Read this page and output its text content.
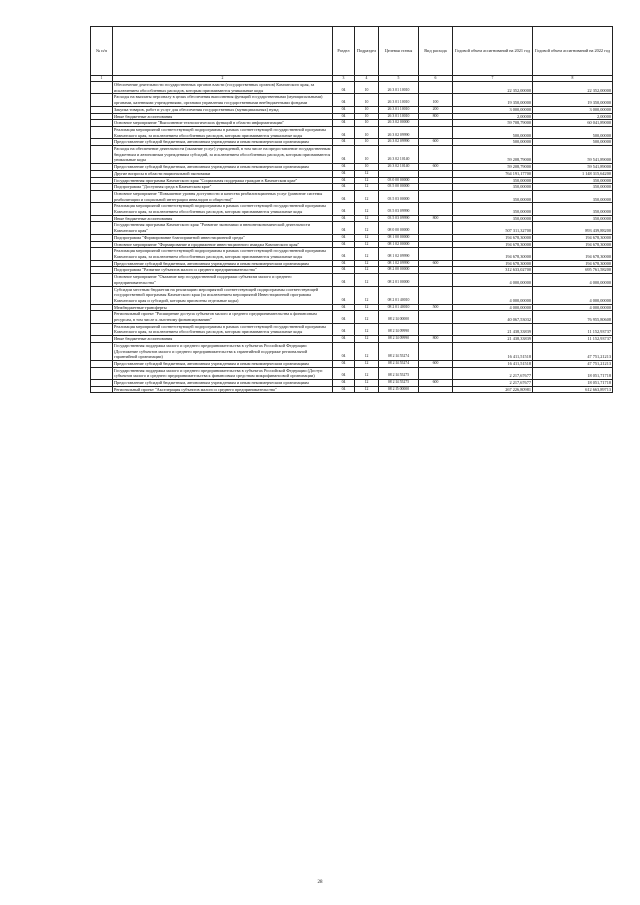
№ п/п		Раздел	Подраздел	Целевая статья	Вид расхода	Годовой объем ассигнований на 2021 год	Годовой объем ассигнований на 2022 год
1	2	3	4	5	6	7	8
	Обеспечение деятельности государственных органов власти (государственных органов) Камчатского края, за исключением обособленных расходов, которым присваиваются уникальные коды	04	10	26 3 01 10010		22 352,00000	22 352,00000
	Расходы на выплаты персоналу в целях обеспечения выполнения функций государственными (муниципальными) органами, казенными учреждениями, органами управления государственными внебюджетными фондами	04	10	26 3 01 10010	100	19 350,00000	19 350,00000
	Закупка товаров, работ и услуг для обеспечения государственных (муниципальных) нужд	04	10	26 3 01 10010	200	3 000,00000	3 000,00000
	Иные бюджетные ассигнования	04	10	26 3 01 10010	800	2,00000	2,00000
	Основное мероприятие "Выполнение технологических функций в области информатизации"	04	10	26 3 02 00000		59 708,79000	60 041,89000
	Реализация мероприятий соответствующей подпрограммы в рамках соответствующей государственной программы Камчатского края, за исключением обособленных расходов, которым присваиваются уникальные коды	04	10	26 3 02 09990		500,00000	500,00000
	Предоставление субсидий бюджетным, автономным учреждениям и иным некоммерческим организациям	04	10	26 3 02 09990	600	500,00000	500,00000
	Расходы на обеспечение деятельности (оказание услуг) учреждений, в том числе на предоставление государственным бюджетным и автономным учреждениям субсидий, за исключением обособленных расходов, которым присваиваются уникальные коды	04	10	26 3 02 10140		59 208,79000	59 541,89000
	Предоставление субсидий бюджетным, автономным учреждениям и иным некоммерческим организациям	04	10	26 3 02 10140	600	59 208,79000	59 541,89000
	Другие вопросы в области национальной экономики	04	12			764 191,17700	1 148 315,64200
	Государственная программа Камчатского края "Социальная поддержка граждан в Камчатском крае"	04	12	03 0 00 00000		350,00000	350,00000
	Подпрограмма "Доступная среда в Камчатском крае"	04	12	03 5 00 00000		350,00000	350,00000
	Основное мероприятие "Повышение уровня доступности и качества реабилитационных услуг (развитие системы реабилитации и социальной интеграции инвалидов и общества)"	04	12	03 5 03 00000		350,00000	350,00000
	Реализация мероприятий соответствующей подпрограммы в рамках соответствующей государственной программы Камчатского края, за исключением обособленных расходов, которым присваиваются уникальные коды	04	12	03 5 03 09990		350,00000	350,00000
	Иные бюджетные ассигнования	04	12	03 5 03 09990	800	350,00000	350,00000
	Государственная программа Камчатского края "Развитие экономики и внешнеэкономической деятельности Камчатского края"	04	12	08 0 00 00000		507 311,32700	893 439,88200
	Подпрограмма "Формирование благоприятной инвестиционной среды"	04	12	08 1 00 00000		194 678,30000	194 678,30000
	Основное мероприятие "Формирование и продвижение инвестиционного имиджа Камчатского края"	04	12	08 1 02 00000		194 678,30000	194 678,30000
	Реализация мероприятий соответствующей подпрограммы в рамках соответствующей государственной программы Камчатского края, за исключением обособленных расходов, которым присваиваются уникальные коды	04	12	08 1 02 09990		194 678,30000	194 678,30000
	Предоставление субсидий бюджетным, автономным учреждениям и иным некоммерческим организациям	04	12	08 1 02 09990	600	194 678,30000	194 678,30000
	Подпрограмма "Развитие субъектов малого и среднего предпринимательства"	04	12	08 2 00 00000		312 633,02700	695 761,58200
	Основное мероприятие "Оказание мер государственной поддержки субъектам малого и среднего предпринимательства"	04	12	08 2 01 00000		4 000,00000	4 000,00000
	Субсидии местным бюджетам на реализацию мероприятий соответствующей подпрограммы соответствующей государственной программы Камчатского края (за исключением мероприятий Инвестиционной программы Камчатского края и субсидий, которым присвоены отдельные коды)	04	12	08 2 01 40010		4 000,00000	4 000,00000
	Межбюджетные трансферты	04	12	08 2 01 40010	500	4 000,00000	4 000,00000
	Региональный проект "Расширение доступа субъектов малого и среднего предпринимательства к финансовым ресурсам, в том числе к льготному финансированию"	04	12	08 2 I4 00000		40 067,53032	76 955,80608
	Реализация мероприятий соответствующей подпрограммы в рамках соответствующей государственной программы Камчатского края, за исключением обособленных расходов, которым присваиваются уникальные коды	04	12	08 2 I4 09990		21 438,33839	11 152,93737
	Иные бюджетные ассигнования	04	12	08 2 I4 09990	800	21 438,33839	11 152,93737
	Государственная поддержка малого и среднего предпринимательства в субъектах Российской Федерации (Достижение субъектов малого и среднего предпринимательства к гарантийной поддержке региональной гарантийной организации)	04	12	08 2 I4 55274		16 411,51518	47 751,21213
	Предоставление субсидий бюджетным, автономным учреждениям и иным некоммерческим организациям	04	12	08 2 I4 55274	600	16 411,51518	47 751,21213
	Государственная поддержка малого и среднего предпринимательства в субъектах Российской Федерации (Доступ субъектов малого и среднего предпринимательства к финансовым средствам микрофинансовой организации)	04	12	08 2 I4 55275		2 217,67677	18 051,71718
	Предоставление субсидий бюджетным, автономным учреждениям и иным некоммерческим организациям	04	12	08 2 I4 55275	600	2 217,67677	18 051,71718
	Региональный проект "Акселерация субъектов малого и среднего предпринимательства"	04	12	08 2 I5 00000		267 226,80981	612 663,89713
28
